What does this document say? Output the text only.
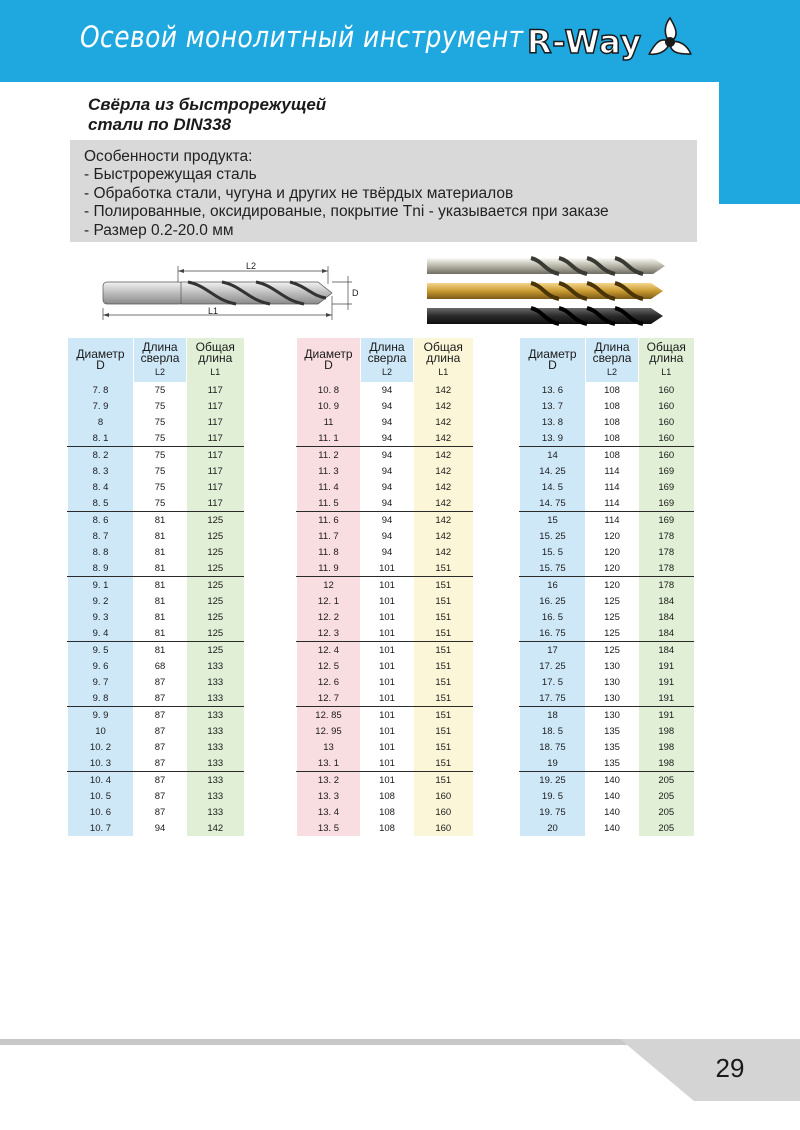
Осевой монолитный инструмент R-Way
Свёрла из быстрорежущей
стали по DIN338
Особенности продукта:
- Быстрорежущая сталь
- Обработка стали, чугуна и других не твёрдых материалов
- Полированные, оксидированые, покрытие Tni - указывается при заказе
- Размер 0.2-20.0 мм
L2
D
L1
Диаметр
D	Длина
сверла
$_{L2}$	Общая
длина
$_{L1}$
7. 8	75	117
7. 9	75	117
8	75	117
8. 1	75	117
8. 2	75	117
8. 3	75	117
8. 4	75	117
8. 5	75	117
8. 6	81	125
8. 7	81	125
8. 8	81	125
8. 9	81	125
9. 1	81	125
9. 2	81	125
9. 3	81	125
9. 4	81	125
9. 5	81	125
9. 6	68	133
9. 7	87	133
9. 8	87	133
9. 9	87	133
10	87	133
10. 2	87	133
10. 3	87	133
10. 4	87	133
10. 5	87	133
10. 6	87	133
10. 7	94	142
Диаметр
D	Длина
сверла
$_{L2}$	Общая
длина
$_{L1}$
10. 8	94	142
10. 9	94	142
11	94	142
11. 1	94	142
11. 2	94	142
11. 3	94	142
11. 4	94	142
11. 5	94	142
11. 6	94	142
11. 7	94	142
11. 8	94	142
11. 9	101	151
12	101	151
12. 1	101	151
12. 2	101	151
12. 3	101	151
12. 4	101	151
12. 5	101	151
12. 6	101	151
12. 7	101	151
12. 85	101	151
12. 95	101	151
13	101	151
13. 1	101	151
13. 2	101	151
13. 3	108	160
13. 4	108	160
13. 5	108	160
Диаметр
D	Длина
сверла
$_{L2}$	Общая
длина
$_{L1}$
13. 6	108	160
13. 7	108	160
13. 8	108	160
13. 9	108	160
14	108	160
14. 25	114	169
14. 5	114	169
14. 75	114	169
15	114	169
15. 25	120	178
15. 5	120	178
15. 75	120	178
16	120	178
16. 25	125	184
16. 5	125	184
16. 75	125	184
17	125	184
17. 25	130	191
17. 5	130	191
17. 75	130	191
18	130	191
18. 5	135	198
18. 75	135	198
19	135	198
19. 25	140	205
19. 5	140	205
19. 75	140	205
20	140	205
29
